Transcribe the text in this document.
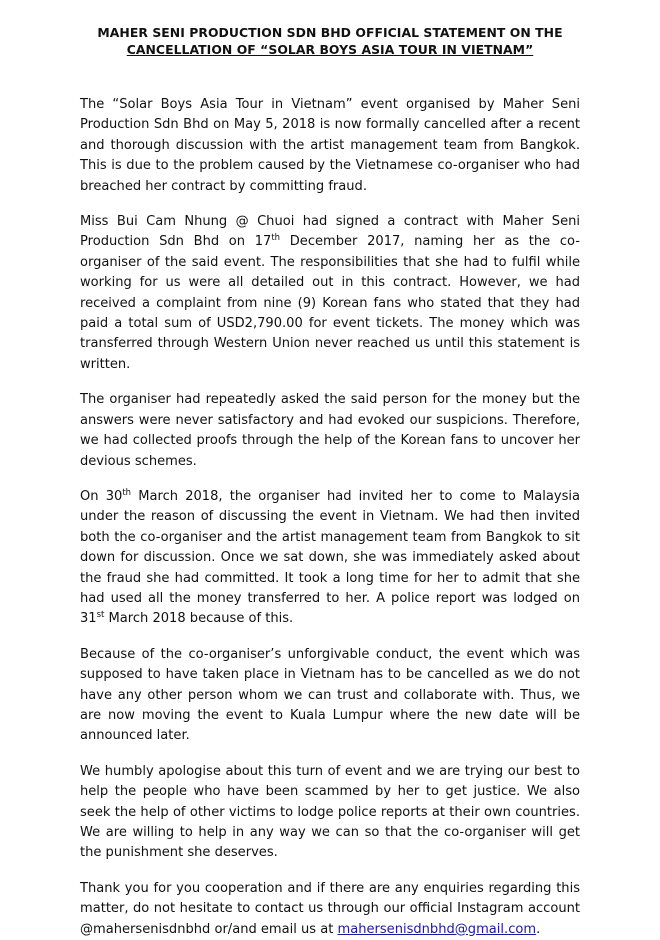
MAHER SENI PRODUCTION SDN BHD OFFICIAL STATEMENT ON THE
CANCELLATION OF “SOLAR BOYS ASIA TOUR IN VIETNAM”

The “Solar Boys Asia Tour in Vietnam” event organised by Maher Seni Production Sdn Bhd on May 5, 2018 is now formally cancelled after a recent and thorough discussion with the artist management team from Bangkok. This is due to the problem caused by the Vietnamese co-organiser who had breached her contract by committing fraud.

Miss Bui Cam Nhung @ Chuoi had signed a contract with Maher Seni Production Sdn Bhd on 17th December 2017, naming her as the co-organiser of the said event. The responsibilities that she had to fulfil while working for us were all detailed out in this contract. However, we had received a complaint from nine (9) Korean fans who stated that they had paid a total sum of USD2,790.00 for event tickets. The money which was transferred through Western Union never reached us until this statement is written.

The organiser had repeatedly asked the said person for the money but the answers were never satisfactory and had evoked our suspicions. Therefore, we had collected proofs through the help of the Korean fans to uncover her devious schemes.

On 30th March 2018, the organiser had invited her to come to Malaysia under the reason of discussing the event in Vietnam. We had then invited both the co-organiser and the artist management team from Bangkok to sit down for discussion. Once we sat down, she was immediately asked about the fraud she had committed. It took a long time for her to admit that she had used all the money transferred to her. A police report was lodged on 31st March 2018 because of this.

Because of the co-organiser’s unforgivable conduct, the event which was supposed to have taken place in Vietnam has to be cancelled as we do not have any other person whom we can trust and collaborate with. Thus, we are now moving the event to Kuala Lumpur where the new date will be announced later.

We humbly apologise about this turn of event and we are trying our best to help the people who have been scammed by her to get justice. We also seek the help of other victims to lodge police reports at their own countries. We are willing to help in any way we can so that the co-organiser will get the punishment she deserves.

Thank you for you cooperation and if there are any enquiries regarding this matter, do not hesitate to contact us through our official Instagram account @mahersenisdnbhd or/and email us at mahersenisdnbhd@gmail.com.
